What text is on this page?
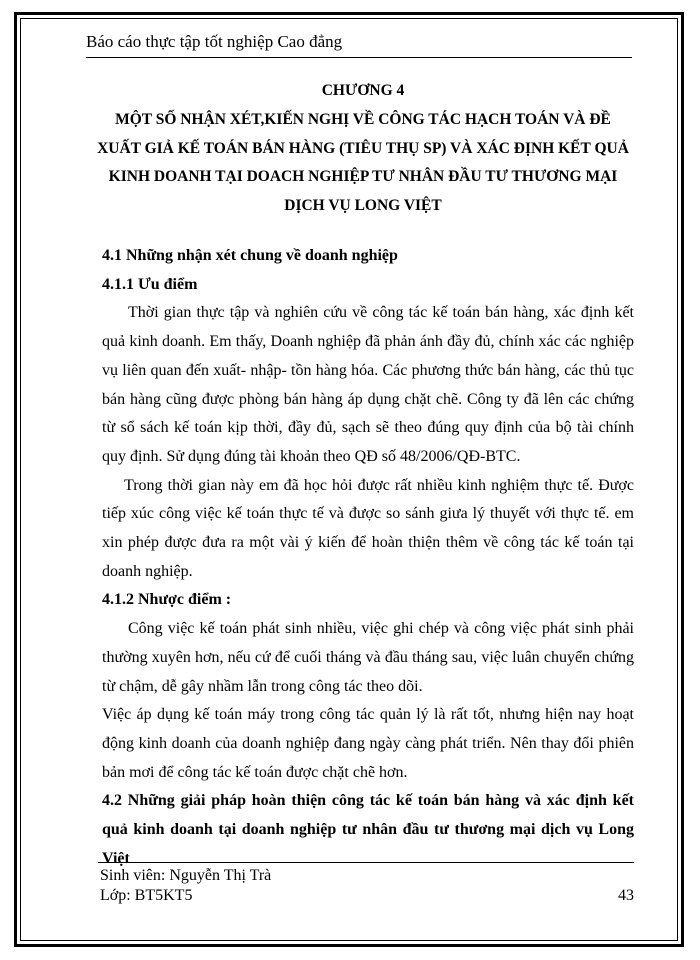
Báo cáo thực tập tốt nghiệp Cao đẳng
CHƯƠNG 4
MỘT SỐ NHẬN XÉT,KIẾN NGHỊ VỀ CÔNG TÁC HẠCH TOÁN VÀ ĐỀ XUẤT GIẢ KẾ TOÁN BÁN HÀNG (TIÊU THỤ SP) VÀ XÁC ĐỊNH KẾT QUẢ KINH DOANH TẠI DOACH NGHIỆP TƯ NHÂN ĐẦU TƯ THƯƠNG MẠI DỊCH VỤ LONG VIỆT
4.1 Những nhận xét chung về doanh nghiệp
4.1.1 Ưu điểm
Thời gian thực tập và nghiên cứu về công tác kế toán bán hàng, xác định kết quả kinh doanh. Em thấy, Doanh nghiệp đã phản ánh đầy đủ, chính xác các nghiệp vụ liên quan đến xuất- nhập- tồn hàng hóa. Các phương thức bán hàng, các thủ tục bán hàng cũng được phòng bán hàng áp dụng chặt chẽ. Công ty đã lên các chứng từ sổ sách kế toán kịp thời, đầy đủ, sạch sẽ theo đúng quy định của bộ tài chính quy định. Sử dụng đúng tài khoản theo QĐ số 48/2006/QĐ-BTC.
Trong thời gian này em đã học hỏi được rất nhiều kinh nghiệm thực tế. Được tiếp xúc công việc kế toán thực tế và được so sánh giưa lý thuyết với thực tế. em xin phép được đưa ra một vài ý kiến để hoàn thiện thêm về công tác kế toán tại doanh nghiệp.
4.1.2 Nhược điểm :
Công việc kế toán phát sinh nhiều, việc ghi chép và công việc phát sinh phải thường xuyên hơn, nếu cứ để cuối tháng và đầu tháng sau, việc luân chuyển chứng từ chậm, dễ gây nhầm lẫn trong công tác theo dõi.
Việc áp dụng kế toán máy trong công tác quản lý là rất tốt, nhưng hiện nay hoạt động kinh doanh của doanh nghiệp đang ngày càng phát triển. Nên thay đổi phiên bản mơi để công tác kế toán được chặt chẽ hơn.
4.2 Những giải pháp hoàn thiện công tác kế toán bán hàng và xác định kết quả kinh doanh tại doanh nghiệp tư nhân đầu tư thương mại dịch vụ Long Việt
Sinh viên: Nguyễn Thị Trà
Lớp: BT5KT5	43
